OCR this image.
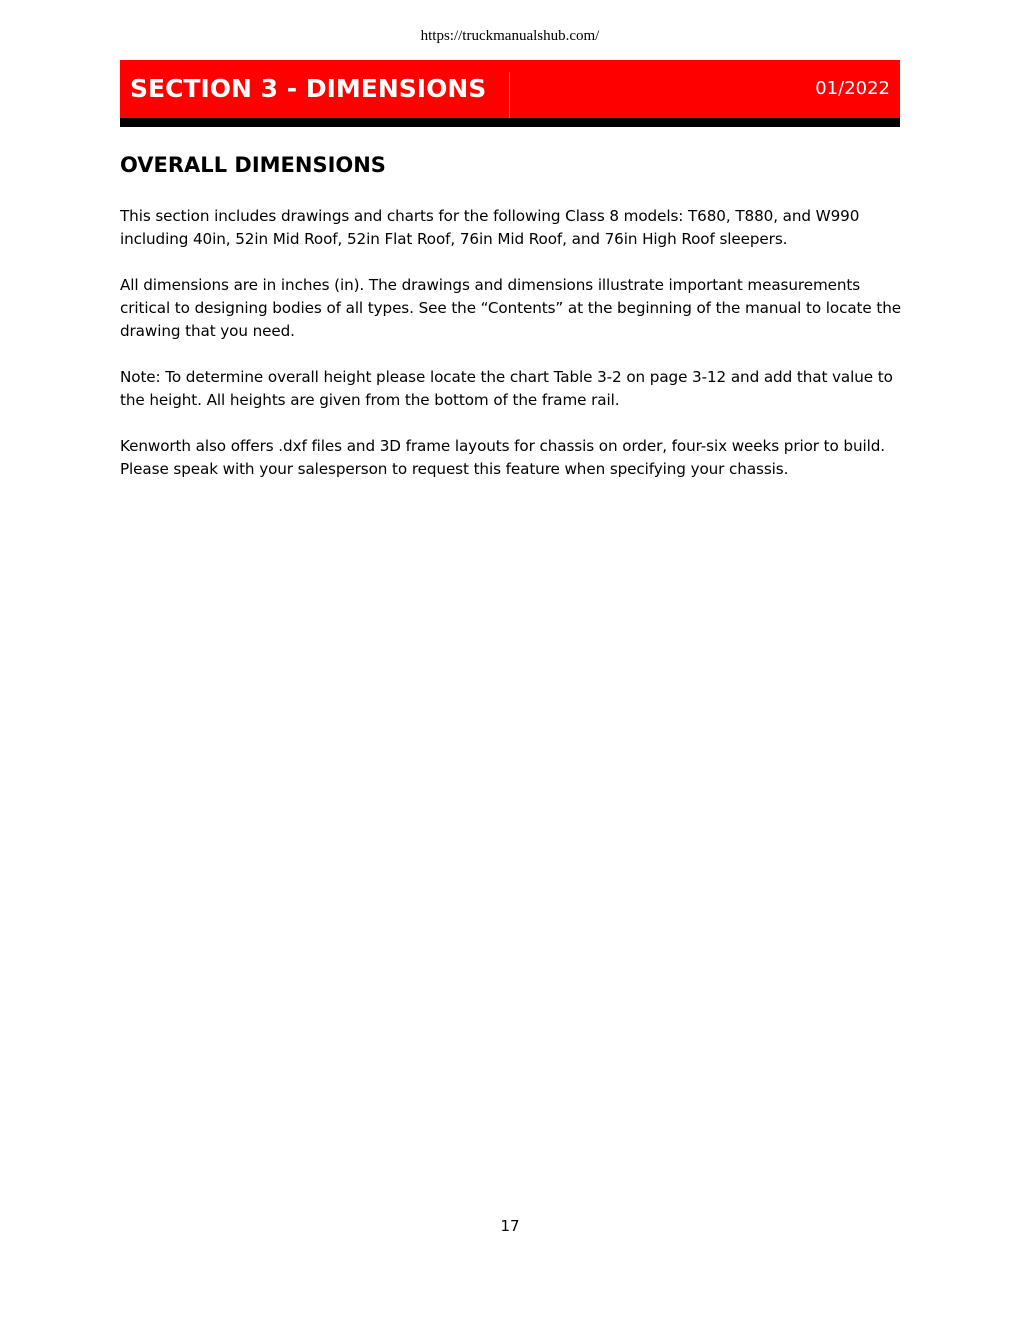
https://truckmanualshub.com/
SECTION 3 - DIMENSIONS	01/2022
OVERALL DIMENSIONS

This section includes drawings and charts for the following Class 8 models: T680, T880, and W990 including 40in, 52in Mid Roof, 52in Flat Roof, 76in Mid Roof, and 76in High Roof sleepers.

All dimensions are in inches (in). The drawings and dimensions illustrate important measurements critical to designing bodies of all types. See the “Contents” at the beginning of the manual to locate the drawing that you need.

Note: To determine overall height please locate the chart Table 3-2 on page 3-12 and add that value to the height. All heights are given from the bottom of the frame rail.

Kenworth also offers .dxf files and 3D frame layouts for chassis on order, four-six weeks prior to build. Please speak with your salesperson to request this feature when specifying your chassis.

17
